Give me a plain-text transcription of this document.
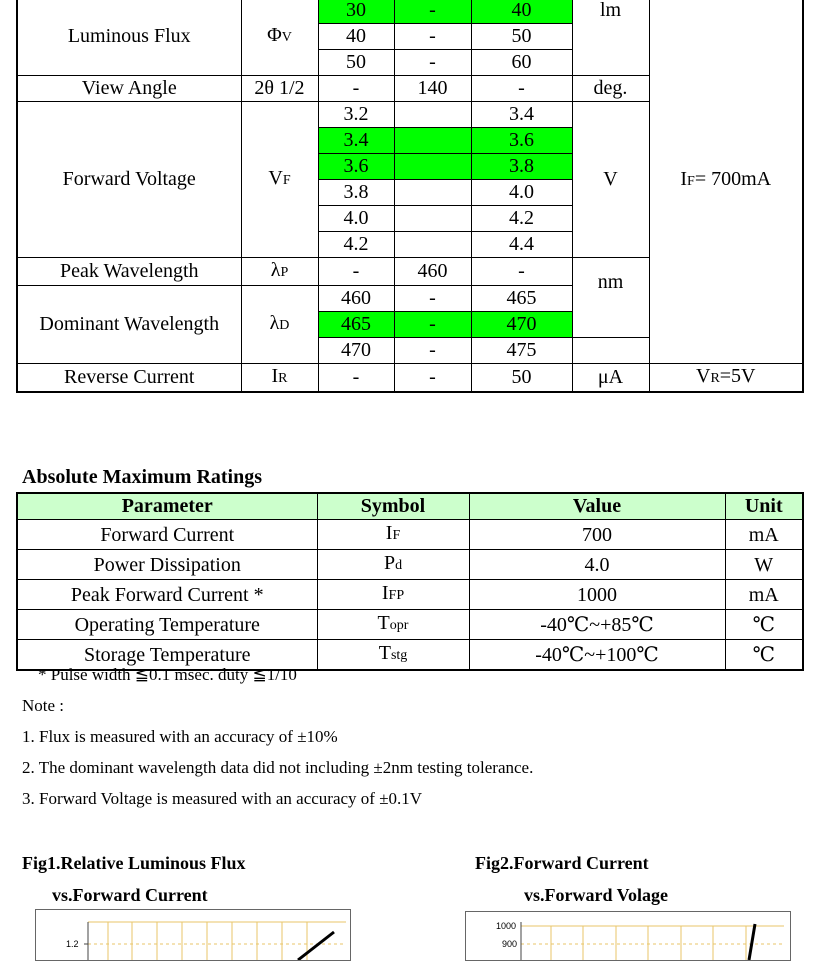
Luminous Flux	ΦV	30	-	40	lm	IF= 700mA
		40	-	50		
		50	-	60		
View Angle	2θ 1/2	-	140	-	deg.	
Forward Voltage	VF	3.2		3.4	V	
		3.4		3.6		
		3.6		3.8		
		3.8		4.0		
		4.0		4.2		
		4.2		4.4		
Peak Wavelength	λP	-	460	-	nm	
Dominant Wavelength	λD	460	-	465		
		465	-	470		
		470	-	475		
Reverse Current	IR	-	-	50	μA	VR=5V
Absolute Maximum Ratings
Parameter	Symbol	Value	Unit
Forward Current	IF	700	mA
Power Dissipation	Pd	4.0	W
Peak Forward Current *	IFP	1000	mA
Operating Temperature	Topr	-40℃~+85℃	℃
Storage Temperature	Tstg	-40℃~+100℃	℃
* Pulse width ≦0.1 msec. duty ≦1/10
Note :
1. Flux is measured with an accuracy of ±10%
2. The dominant wavelength data did not including ±2nm testing tolerance.
3. Forward Voltage is measured with an accuracy of ±0.1V
Fig1.Relative Luminous Flux
vs.Forward Current
Fig2.Forward Current
vs.Forward Volage
1.2
1000
900
